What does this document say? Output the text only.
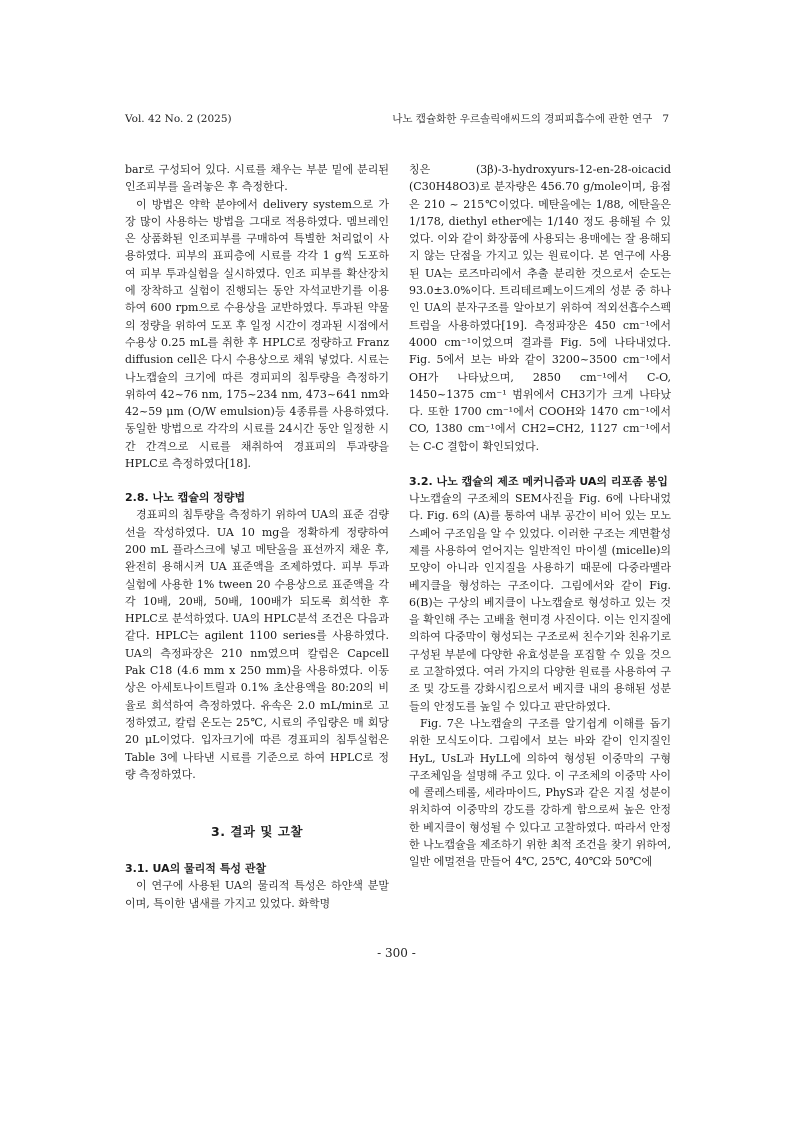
Vol. 42 No. 2 (2025)	나노 캡슐화한 우르솔릭애씨드의 경피피흡수에 관한 연구 7

bar로 구성되어 있다. 시료를 채우는 부분 밑에 분리된 인조피부를 올려놓은 후 측정한다.

이 방법은 약학 분야에서 delivery system으로 가장 많이 사용하는 방법을 그대로 적용하였다. 멤브레인은 상품화된 인조피부를 구매하여 특별한 처리없이 사용하였다. 피부의 표피층에 시료를 각각 1 g씩 도포하여 피부 투과실험을 실시하였다. 인조 피부를 확산장치에 장착하고 실험이 진행되는 동안 자석교반기를 이용하여 600 rpm으로 수용상을 교반하였다. 투과된 약물의 정량을 위하여 도포 후 일정 시간이 경과된 시점에서 수용상 0.25 mL를 취한 후 HPLC로 정량하고 Franz diffusion cell은 다시 수용상으로 채워 넣었다. 시료는 나노캡슐의 크기에 따른 경피피의 침투량을 측정하기 위하여 42~76 nm, 175~234 nm, 473~641 nm와 42~59 μm (O/W emulsion)등 4종류를 사용하였다. 동일한 방법으로 각각의 시료를 24시간 동안 일정한 시간 간격으로 시료를 채취하여 경표피의 투과량을 HPLC로 측정하였다[18].

2.8. 나노 캡슐의 정량법

경표피의 침투량을 측정하기 위하여 UA의 표준 검량선을 작성하였다. UA 10 mg을 정확하게 정량하여 200 mL 플라스크에 넣고 메탄올을 표선까지 채운 후, 완전히 용해시켜 UA 표준액을 조제하였다. 피부 투과실험에 사용한 1% tween 20 수용상으로 표준액을 각각 10배, 20배, 50배, 100배가 되도록 희석한 후 HPLC로 분석하였다. UA의 HPLC분석 조건은 다음과 같다. HPLC는 agilent 1100 series를 사용하였다. UA의 측정파장은 210 nm였으며 칼럼은 Capcell Pak C18 (4.6 mm x 250 mm)을 사용하였다. 이동상은 아세토나이트릴과 0.1% 초산용액을 80:20의 비율로 희석하여 측정하였다. 유속은 2.0 mL/min로 고정하였고, 칼럼 온도는 25℃, 시료의 주입량은 매 회당 20 μL이었다. 입자크기에 따른 경표피의 침투실험은 Table 3에 나타낸 시료를 기준으로 하여 HPLC로 정량 측정하였다.

3. 결과 및 고찰
3.1. UA의 물리적 특성 관찰

이 연구에 사용된 UA의 물리적 특성은 하얀색 분말이며, 특이한 냄새를 가지고 있었다. 화학명

칭은 (3β)-3-hydroxyurs-12-en-28-oicacid (C30H48O3)로 분자량은 456.70 g/mole이며, 융점은 210 ~ 215℃이었다. 메탄올에는 1/88, 에탄올은 1/178, diethyl ether에는 1/140 정도 용해될 수 있었다. 이와 같이 화장품에 사용되는 용매에는 잘 용해되지 않는 단점을 가지고 있는 원료이다. 본 연구에 사용된 UA는 로즈마리에서 추출 분리한 것으로서 순도는 93.0±3.0%이다. 트리테르페노이드계의 성분 중 하나인 UA의 분자구조를 알아보기 위하여 적외선흡수스펙트럼을 사용하였다[19]. 측정파장은 450 cm⁻¹에서 4000 cm⁻¹이었으며 결과를 Fig. 5에 나타내었다. Fig. 5에서 보는 바와 같이 3200~3500 cm⁻¹에서 OH가 나타났으며, 2850 cm⁻¹에서 C-O, 1450~1375 cm⁻¹ 범위에서 CH3기가 크게 나타났다. 또한 1700 cm⁻¹에서 COOH와 1470 cm⁻¹에서 CO, 1380 cm⁻¹에서 CH2=CH2, 1127 cm⁻¹에서는 C-C 결합이 확인되었다.

3.2. 나노 캡슐의 제조 메커니즘과 UA의 리포좀 봉입

나노캡슐의 구조체의 SEM사진을 Fig. 6에 나타내었다. Fig. 6의 (A)를 통하여 내부 공간이 비어 있는 모노 스페어 구조임을 알 수 있었다. 이러한 구조는 계면활성제를 사용하여 얻어지는 일반적인 마이셀 (micelle)의 모양이 아니라 인지질을 사용하기 때문에 다중라멜라 베지클을 형성하는 구조이다. 그림에서와 같이 Fig. 6(B)는 구상의 베지클이 나노캡슐로 형성하고 있는 것을 확인해 주는 고배율 현미경 사진이다. 이는 인지질에 의하여 다중막이 형성되는 구조로써 친수기와 친유기로 구성된 부분에 다양한 유효성분을 포집할 수 있을 것으로 고찰하였다. 여러 가지의 다양한 원료를 사용하여 구조 및 강도를 강화시킴으로서 베지클 내의 용해된 성분들의 안정도를 높일 수 있다고 판단하였다.

Fig. 7은 나노캡슐의 구조를 알기쉽게 이해를 돕기 위한 모식도이다. 그림에서 보는 바와 같이 인지질인 HyL, UsL과 HyLL에 의하여 형성된 이중막의 구형 구조체임을 설명해 주고 있다. 이 구조체의 이중막 사이에 콜레스테롤, 세라마이드, PhyS과 같은 지질 성분이 위치하여 이중막의 강도를 강하게 함으로써 높은 안정한 베지클이 형성될 수 있다고 고찰하였다. 따라서 안정한 나노캡슐을 제조하기 위한 최적 조건을 찾기 위하여, 일반 에멀젼을 만들어 4℃, 25℃, 40℃와 50℃에

- 300 -
